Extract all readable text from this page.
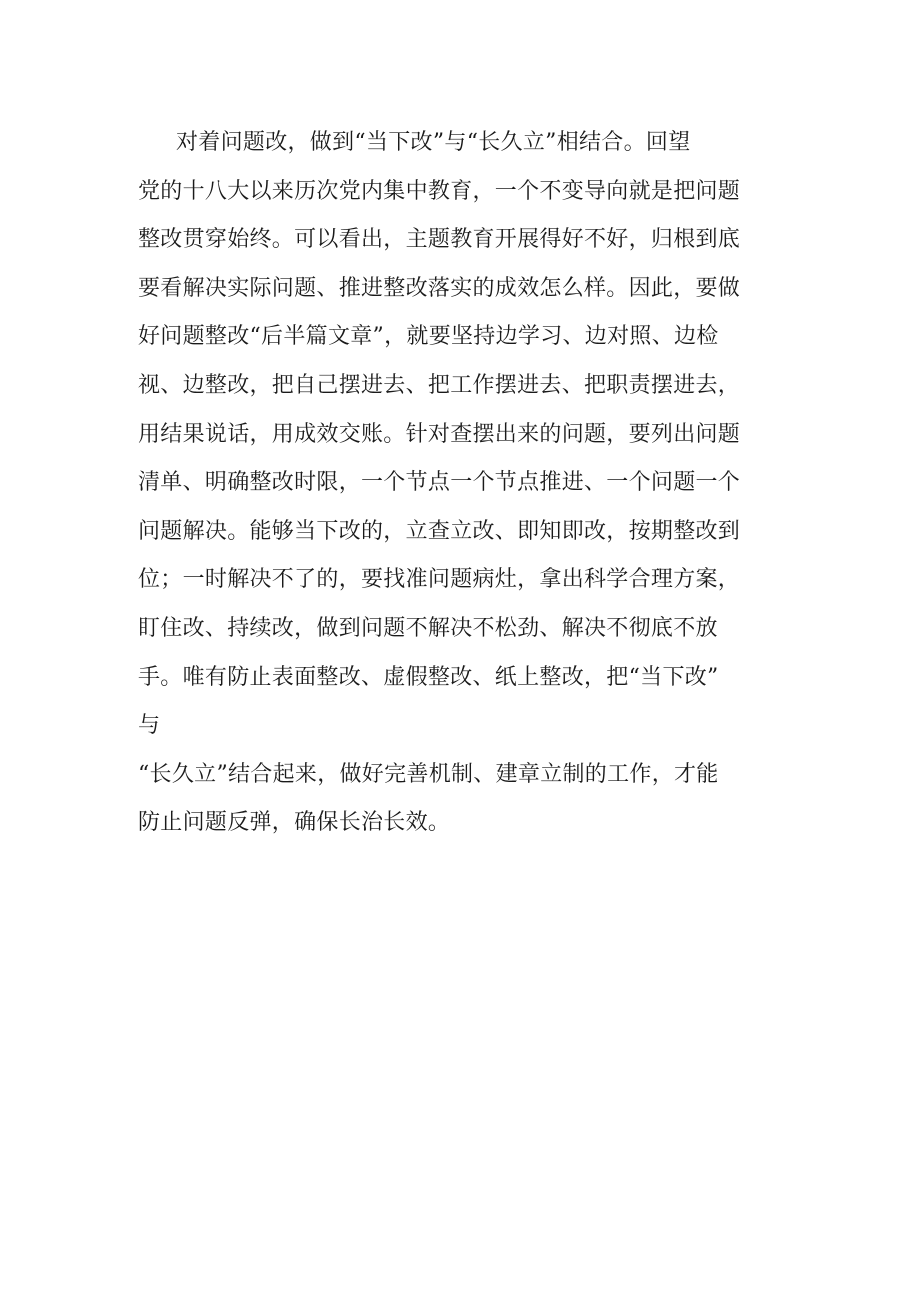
对着问题改，做到“当下改”与“长久立”相结合。回望
党的十八大以来历次党内集中教育，一个不变导向就是把问题
整改贯穿始终。可以看出，主题教育开展得好不好，归根到底
要看解决实际问题、推进整改落实的成效怎么样。因此，要做
好问题整改“后半篇文章”，就要坚持边学习、边对照、边检
视、边整改，把自己摆进去、把工作摆进去、把职责摆进去，
用结果说话，用成效交账。针对查摆出来的问题，要列出问题
清单、明确整改时限，一个节点一个节点推进、一个问题一个
问题解决。能够当下改的，立查立改、即知即改，按期整改到
位；一时解决不了的，要找准问题病灶，拿出科学合理方案，
盯住改、持续改，做到问题不解决不松劲、解决不彻底不放
手。唯有防止表面整改、虚假整改、纸上整改，把“当下改”
与
“长久立”结合起来，做好完善机制、建章立制的工作，才能
防止问题反弹，确保长治长效。
